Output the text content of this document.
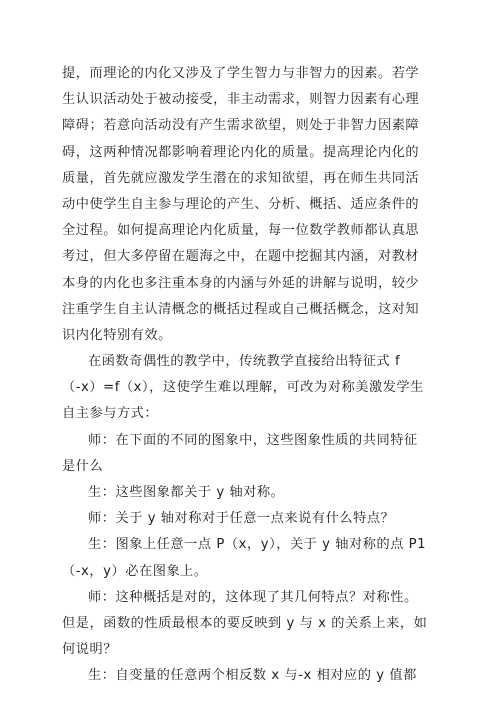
提，而理论的内化又涉及了学生智力与非智力的因素。若学
生认识活动处于被动接受，非主动需求，则智力因素有心理
障碍；若意向活动没有产生需求欲望，则处于非智力因素障
碍，这两种情况都影响着理论内化的质量。提高理论内化的
质量，首先就应激发学生潜在的求知欲望，再在师生共同活
动中使学生自主参与理论的产生、分析、概括、适应条件的
全过程。如何提高理论内化质量，每一位数学教师都认真思
考过，但大多停留在题海之中，在题中挖掘其内涵，对教材
本身的内化也多注重本身的内涵与外延的讲解与说明，较少
注重学生自主认清概念的概括过程或自己概括概念，这对知
识内化特别有效。
在函数奇偶性的教学中，传统教学直接给出特征式 f
（-x）=f（x），这使学生难以理解，可改为对称美激发学生
自主参与方式：
师：在下面的不同的图象中，这些图象性质的共同特征
是什么
生：这些图象都关于 y 轴对称。
师：关于 y 轴对称对于任意一点来说有什么特点？
生：图象上任意一点 P（x，y），关于 y 轴对称的点 P1
（-x，y）必在图象上。
师：这种概括是对的，这体现了其几何特点？对称性。
但是，函数的性质最根本的要反映到 y 与 x 的关系上来，如
何说明？
生：自变量的任意两个相反数 x 与-x 相对应的 y 值都
